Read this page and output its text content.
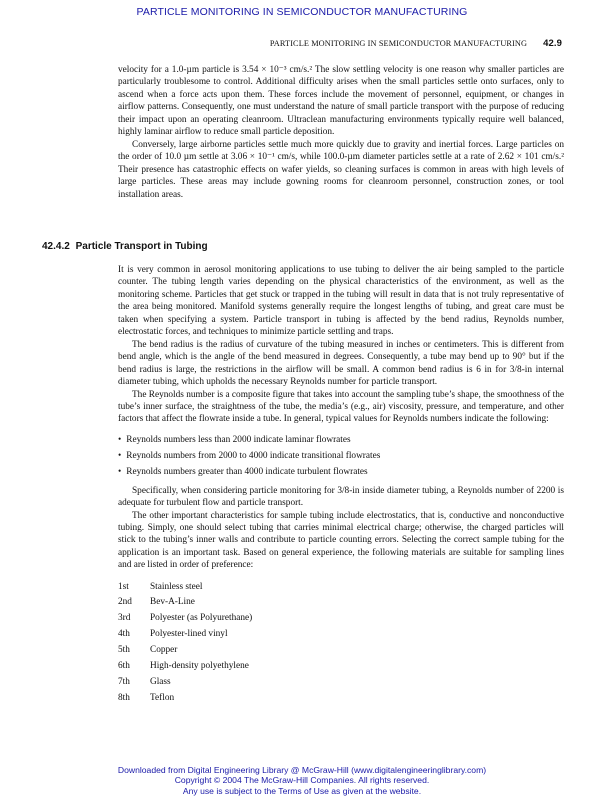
PARTICLE MONITORING IN SEMICONDUCTOR MANUFACTURING
PARTICLE MONITORING IN SEMICONDUCTOR MANUFACTURING 42.9

velocity for a 1.0-µm particle is 3.54 × 10⁻³ cm/s.² The slow settling velocity is one reason why smaller particles are particularly troublesome to control. Additional difficulty arises when the small particles settle onto surfaces, only to ascend when a force acts upon them. These forces include the movement of personnel, equipment, or changes in airflow patterns. Consequently, one must understand the nature of small particle transport with the purpose of reducing their impact upon an operating cleanroom. Ultraclean manufacturing environments typically require well balanced, highly laminar airflow to reduce small particle deposition.

Conversely, large airborne particles settle much more quickly due to gravity and inertial forces. Large particles on the order of 10.0 µm settle at 3.06 × 10⁻¹ cm/s, while 100.0-µm diameter particles settle at a rate of 2.62 × 101 cm/s.² Their presence has catastrophic effects on wafer yields, so cleaning surfaces is common in areas with high levels of large particles. These areas may include gowning rooms for cleanroom personnel, construction zones, or tool installation areas.

42.4.2 Particle Transport in Tubing

It is very common in aerosol monitoring applications to use tubing to deliver the air being sampled to the particle counter. The tubing length varies depending on the physical characteristics of the environment, as well as the monitoring scheme. Particles that get stuck or trapped in the tubing will result in data that is not truly representative of the area being monitored. Manifold systems generally require the longest lengths of tubing, and great care must be taken when specifying a system. Particle transport in tubing is affected by the bend radius, Reynolds number, electrostatic forces, and techniques to minimize particle settling and traps.

The bend radius is the radius of curvature of the tubing measured in inches or centimeters. This is different from bend angle, which is the angle of the bend measured in degrees. Consequently, a tube may bend up to 90° but if the bend radius is large, the restrictions in the airflow will be small. A common bend radius is 6 in for 3/8-in internal diameter tubing, which upholds the necessary Reynolds number for particle transport.

The Reynolds number is a composite figure that takes into account the sampling tube’s shape, the smoothness of the tube’s inner surface, the straightness of the tube, the media’s (e.g., air) viscosity, pressure, and temperature, and other factors that affect the flowrate inside a tube. In general, typical values for Reynolds numbers indicate the following:

• Reynolds numbers less than 2000 indicate laminar flowrates
• Reynolds numbers from 2000 to 4000 indicate transitional flowrates
• Reynolds numbers greater than 4000 indicate turbulent flowrates

Specifically, when considering particle monitoring for 3/8-in inside diameter tubing, a Reynolds number of 2200 is adequate for turbulent flow and particle transport.

The other important characteristics for sample tubing include electrostatics, that is, conductive and nonconductive tubing. Simply, one should select tubing that carries minimal electrical charge; otherwise, the charged particles will stick to the tubing’s inner walls and contribute to particle counting errors. Selecting the correct sample tubing for the application is an important task. Based on general experience, the following materials are suitable for sampling lines and are listed in order of preference:

1st	Stainless steel
2nd	Bev-A-Line
3rd	Polyester (as Polyurethane)
4th	Polyester-lined vinyl
5th	Copper
6th	High-density polyethylene
7th	Glass
8th	Teflon
Downloaded from Digital Engineering Library @ McGraw-Hill (www.digitalengineeringlibrary.com)
Copyright © 2004 The McGraw-Hill Companies. All rights reserved.
Any use is subject to the Terms of Use as given at the website.
